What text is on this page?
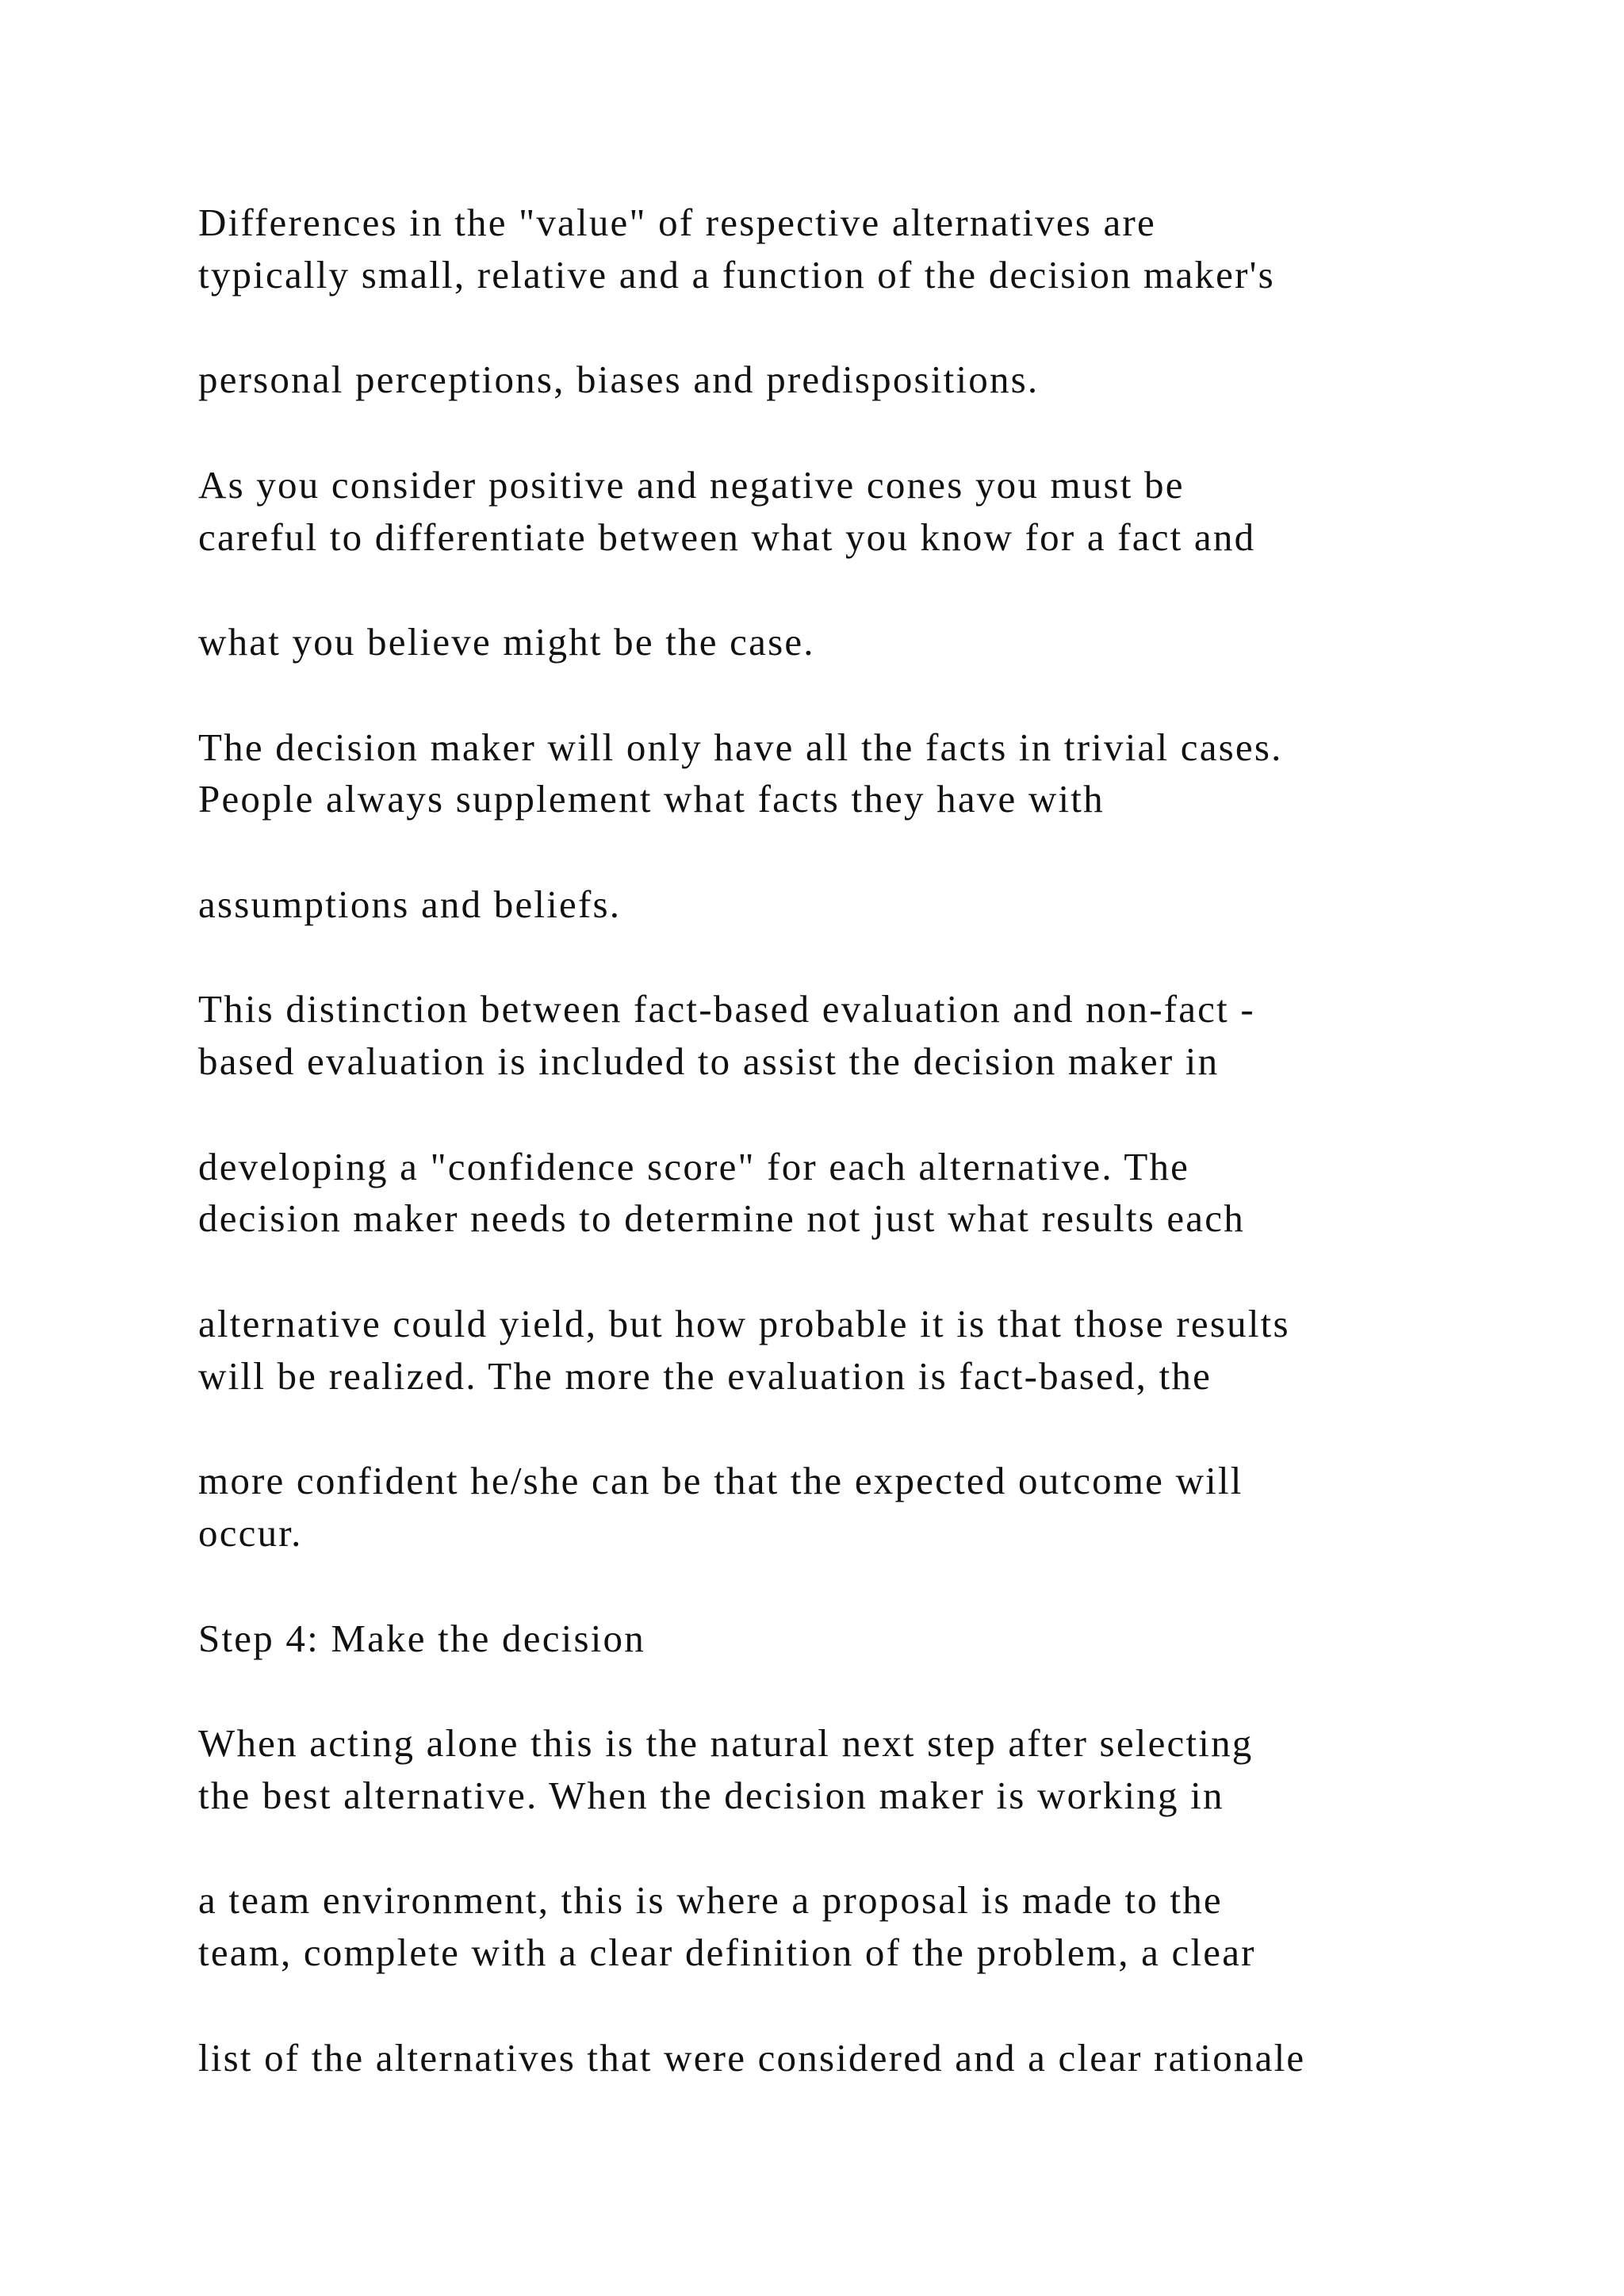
Differences in the "value" of respective alternatives are

typically small, relative and a function of the decision maker's

personal perceptions, biases and predispositions.

As you consider positive and negative cones you must be

careful to differentiate between what you know for a fact and

what you believe might be the case.

The decision maker will only have all the facts in trivial cases.

People always supplement what facts they have with

assumptions and beliefs.

This distinction between fact-based evaluation and non-fact -

based evaluation is included to assist the decision maker in

developing a "confidence score" for each alternative. The

decision maker needs to determine not just what results each

alternative could yield, but how probable it is that those results

will be realized. The more the evaluation is fact-based, the

more confident he/she can be that the expected outcome will

occur.

Step 4: Make the decision

When acting alone this is the natural next step after selecting

the best alternative. When the decision maker is working in

a team environment, this is where a proposal is made to the

team, complete with a clear definition of the problem, a clear

list of the alternatives that were considered and a clear rationale
